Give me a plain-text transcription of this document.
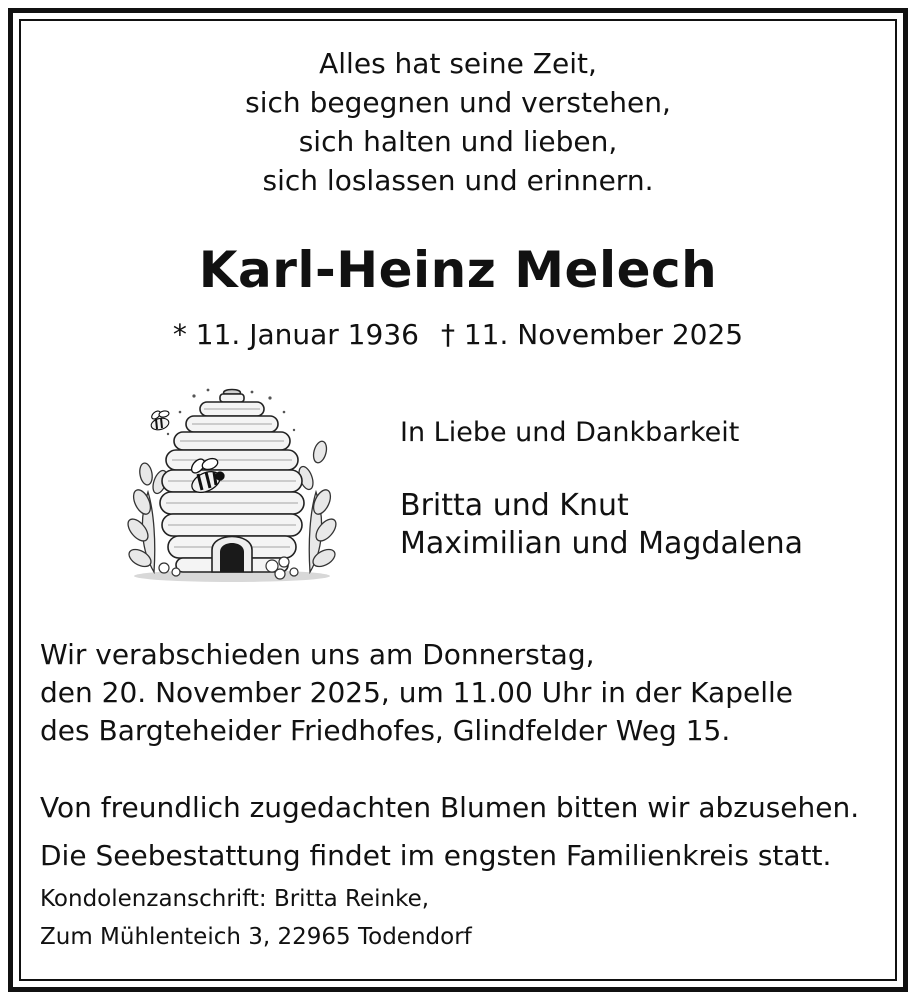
Alles hat seine Zeit,
sich begegnen und verstehen,
sich halten und lieben,
sich loslassen und erinnern.
Karl-Heinz Melech
* 11. Januar 1936 † 11. November 2025
In Liebe und Dankbarkeit
Britta und Knut
Maximilian und Magdalena
Wir verabschieden uns am Donnerstag,
den 20. November 2025, um 11.00 Uhr in der Kapelle
des Bargteheider Friedhofes, Glindfelder Weg 15.
Von freundlich zugedachten Blumen bitten wir abzusehen.
Die Seebestattung findet im engsten Familienkreis statt.
Kondolenzanschrift: Britta Reinke,
Zum Mühlenteich 3, 22965 Todendorf
